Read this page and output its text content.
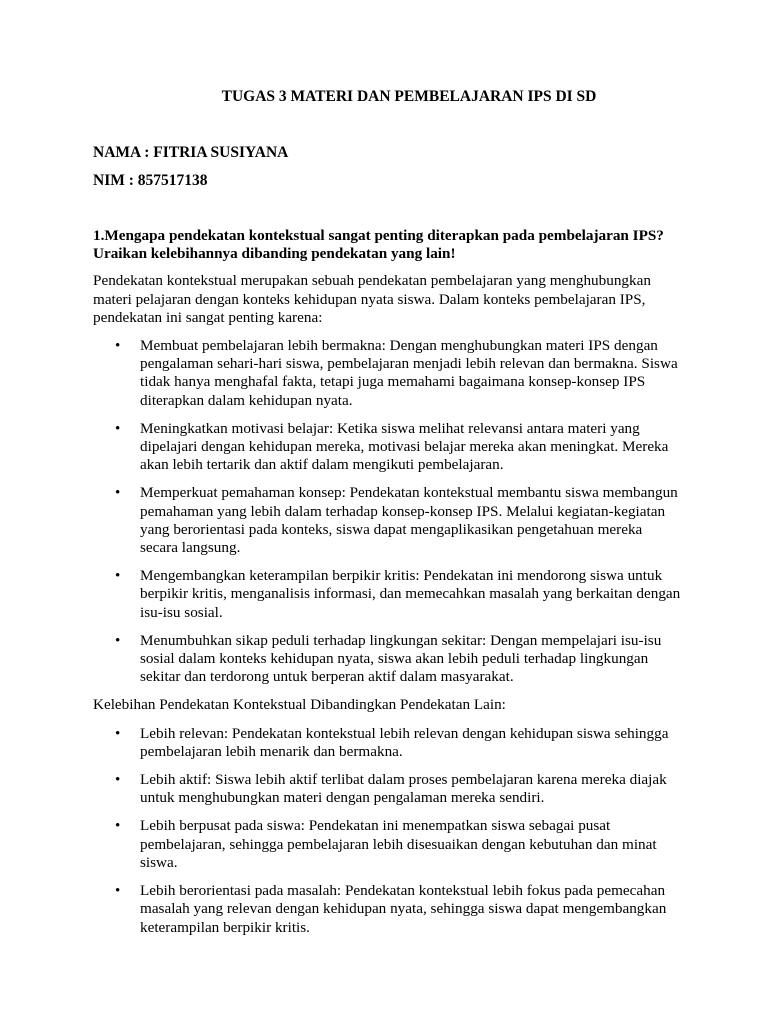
TUGAS 3 MATERI DAN PEMBELAJARAN IPS DI SD
NAMA : FITRIA SUSIYANA
NIM : 857517138

1.Mengapa pendekatan kontekstual sangat penting diterapkan pada pembelajaran IPS? Uraikan kelebihannya dibanding pendekatan yang lain!

Pendekatan kontekstual merupakan sebuah pendekatan pembelajaran yang menghubungkan materi pelajaran dengan konteks kehidupan nyata siswa. Dalam konteks pembelajaran IPS, pendekatan ini sangat penting karena:

• Membuat pembelajaran lebih bermakna: Dengan menghubungkan materi IPS dengan pengalaman sehari-hari siswa, pembelajaran menjadi lebih relevan dan bermakna. Siswa tidak hanya menghafal fakta, tetapi juga memahami bagaimana konsep-konsep IPS diterapkan dalam kehidupan nyata.
• Meningkatkan motivasi belajar: Ketika siswa melihat relevansi antara materi yang dipelajari dengan kehidupan mereka, motivasi belajar mereka akan meningkat. Mereka akan lebih tertarik dan aktif dalam mengikuti pembelajaran.
• Memperkuat pemahaman konsep: Pendekatan kontekstual membantu siswa membangun pemahaman yang lebih dalam terhadap konsep-konsep IPS. Melalui kegiatan-kegiatan yang berorientasi pada konteks, siswa dapat mengaplikasikan pengetahuan mereka secara langsung.
• Mengembangkan keterampilan berpikir kritis: Pendekatan ini mendorong siswa untuk berpikir kritis, menganalisis informasi, dan memecahkan masalah yang berkaitan dengan isu-isu sosial.
• Menumbuhkan sikap peduli terhadap lingkungan sekitar: Dengan mempelajari isu-isu sosial dalam konteks kehidupan nyata, siswa akan lebih peduli terhadap lingkungan sekitar dan terdorong untuk berperan aktif dalam masyarakat.

Kelebihan Pendekatan Kontekstual Dibandingkan Pendekatan Lain:

• Lebih relevan: Pendekatan kontekstual lebih relevan dengan kehidupan siswa sehingga pembelajaran lebih menarik dan bermakna.
• Lebih aktif: Siswa lebih aktif terlibat dalam proses pembelajaran karena mereka diajak untuk menghubungkan materi dengan pengalaman mereka sendiri.
• Lebih berpusat pada siswa: Pendekatan ini menempatkan siswa sebagai pusat pembelajaran, sehingga pembelajaran lebih disesuaikan dengan kebutuhan dan minat siswa.
• Lebih berorientasi pada masalah: Pendekatan kontekstual lebih fokus pada pemecahan masalah yang relevan dengan kehidupan nyata, sehingga siswa dapat mengembangkan keterampilan berpikir kritis.
